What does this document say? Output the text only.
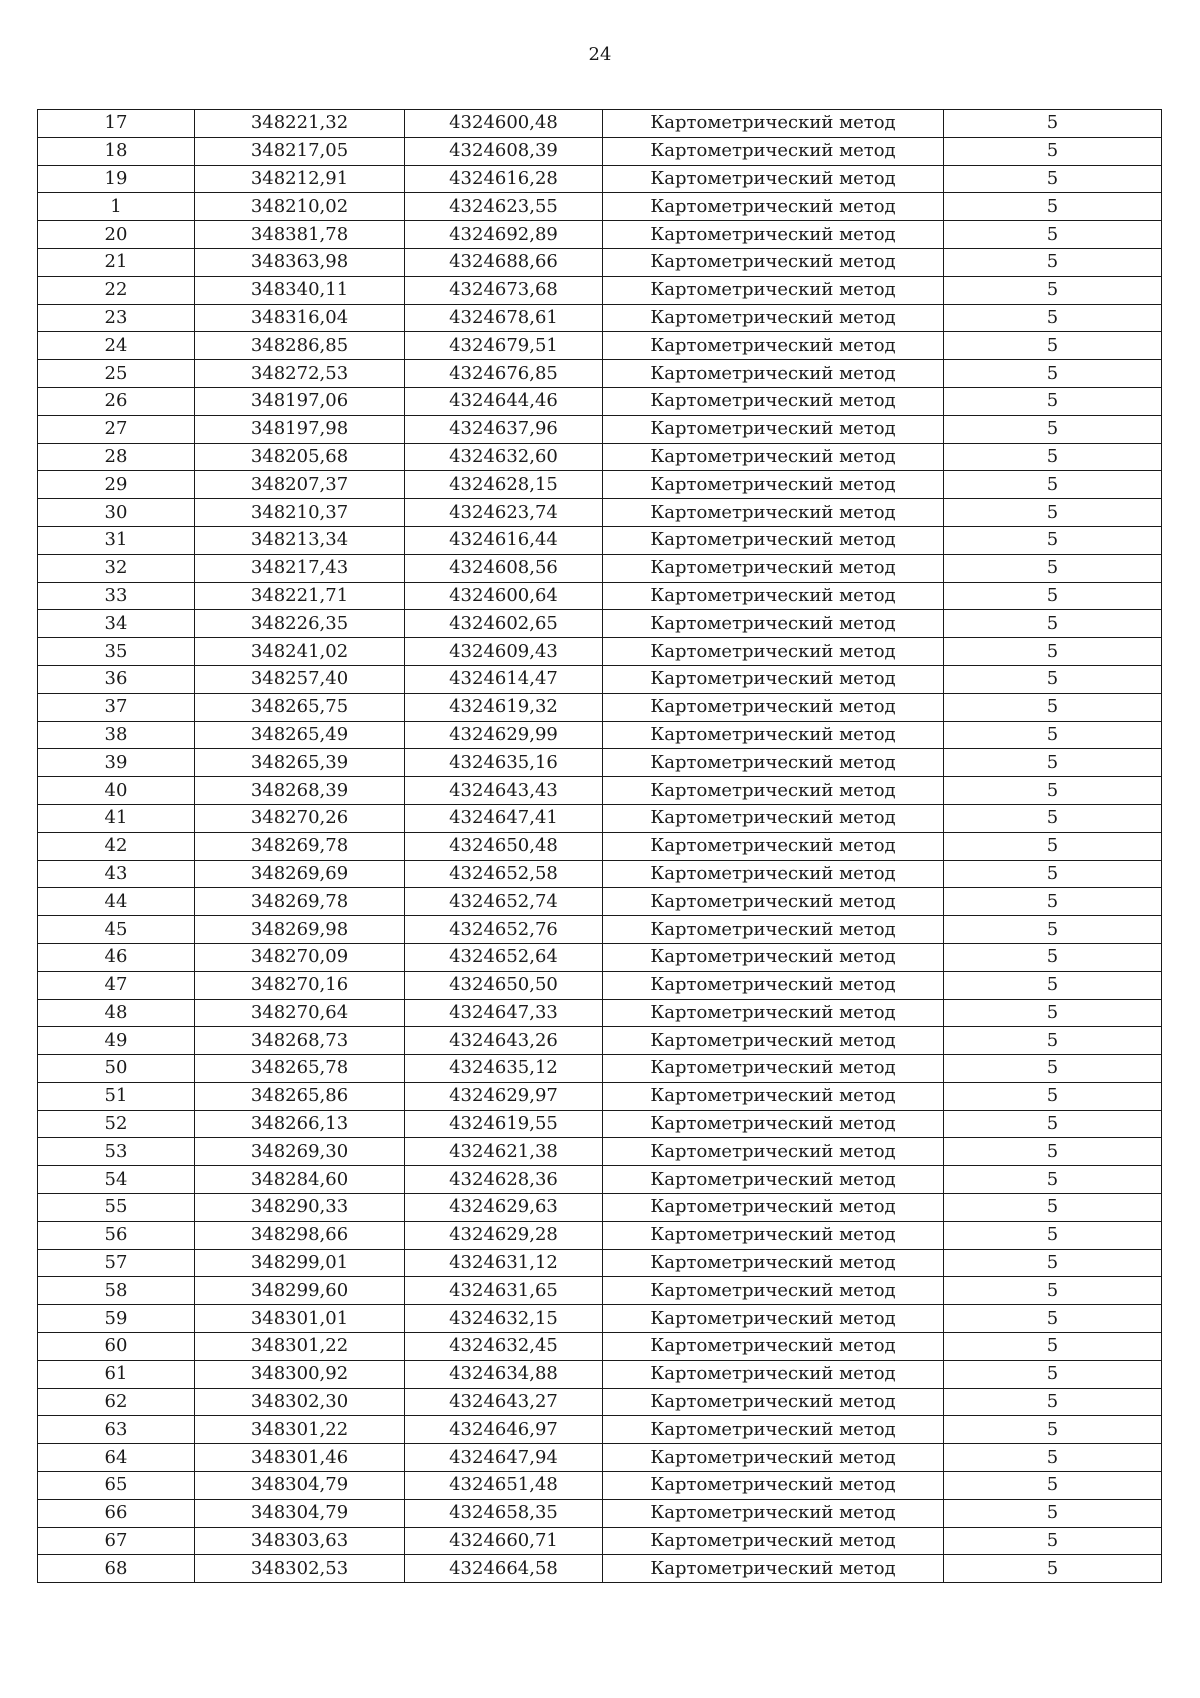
24
17	348221,32	4324600,48	Картометрический метод	5
18	348217,05	4324608,39	Картометрический метод	5
19	348212,91	4324616,28	Картометрический метод	5
1	348210,02	4324623,55	Картометрический метод	5
20	348381,78	4324692,89	Картометрический метод	5
21	348363,98	4324688,66	Картометрический метод	5
22	348340,11	4324673,68	Картометрический метод	5
23	348316,04	4324678,61	Картометрический метод	5
24	348286,85	4324679,51	Картометрический метод	5
25	348272,53	4324676,85	Картометрический метод	5
26	348197,06	4324644,46	Картометрический метод	5
27	348197,98	4324637,96	Картометрический метод	5
28	348205,68	4324632,60	Картометрический метод	5
29	348207,37	4324628,15	Картометрический метод	5
30	348210,37	4324623,74	Картометрический метод	5
31	348213,34	4324616,44	Картометрический метод	5
32	348217,43	4324608,56	Картометрический метод	5
33	348221,71	4324600,64	Картометрический метод	5
34	348226,35	4324602,65	Картометрический метод	5
35	348241,02	4324609,43	Картометрический метод	5
36	348257,40	4324614,47	Картометрический метод	5
37	348265,75	4324619,32	Картометрический метод	5
38	348265,49	4324629,99	Картометрический метод	5
39	348265,39	4324635,16	Картометрический метод	5
40	348268,39	4324643,43	Картометрический метод	5
41	348270,26	4324647,41	Картометрический метод	5
42	348269,78	4324650,48	Картометрический метод	5
43	348269,69	4324652,58	Картометрический метод	5
44	348269,78	4324652,74	Картометрический метод	5
45	348269,98	4324652,76	Картометрический метод	5
46	348270,09	4324652,64	Картометрический метод	5
47	348270,16	4324650,50	Картометрический метод	5
48	348270,64	4324647,33	Картометрический метод	5
49	348268,73	4324643,26	Картометрический метод	5
50	348265,78	4324635,12	Картометрический метод	5
51	348265,86	4324629,97	Картометрический метод	5
52	348266,13	4324619,55	Картометрический метод	5
53	348269,30	4324621,38	Картометрический метод	5
54	348284,60	4324628,36	Картометрический метод	5
55	348290,33	4324629,63	Картометрический метод	5
56	348298,66	4324629,28	Картометрический метод	5
57	348299,01	4324631,12	Картометрический метод	5
58	348299,60	4324631,65	Картометрический метод	5
59	348301,01	4324632,15	Картометрический метод	5
60	348301,22	4324632,45	Картометрический метод	5
61	348300,92	4324634,88	Картометрический метод	5
62	348302,30	4324643,27	Картометрический метод	5
63	348301,22	4324646,97	Картометрический метод	5
64	348301,46	4324647,94	Картометрический метод	5
65	348304,79	4324651,48	Картометрический метод	5
66	348304,79	4324658,35	Картометрический метод	5
67	348303,63	4324660,71	Картометрический метод	5
68	348302,53	4324664,58	Картометрический метод	5
